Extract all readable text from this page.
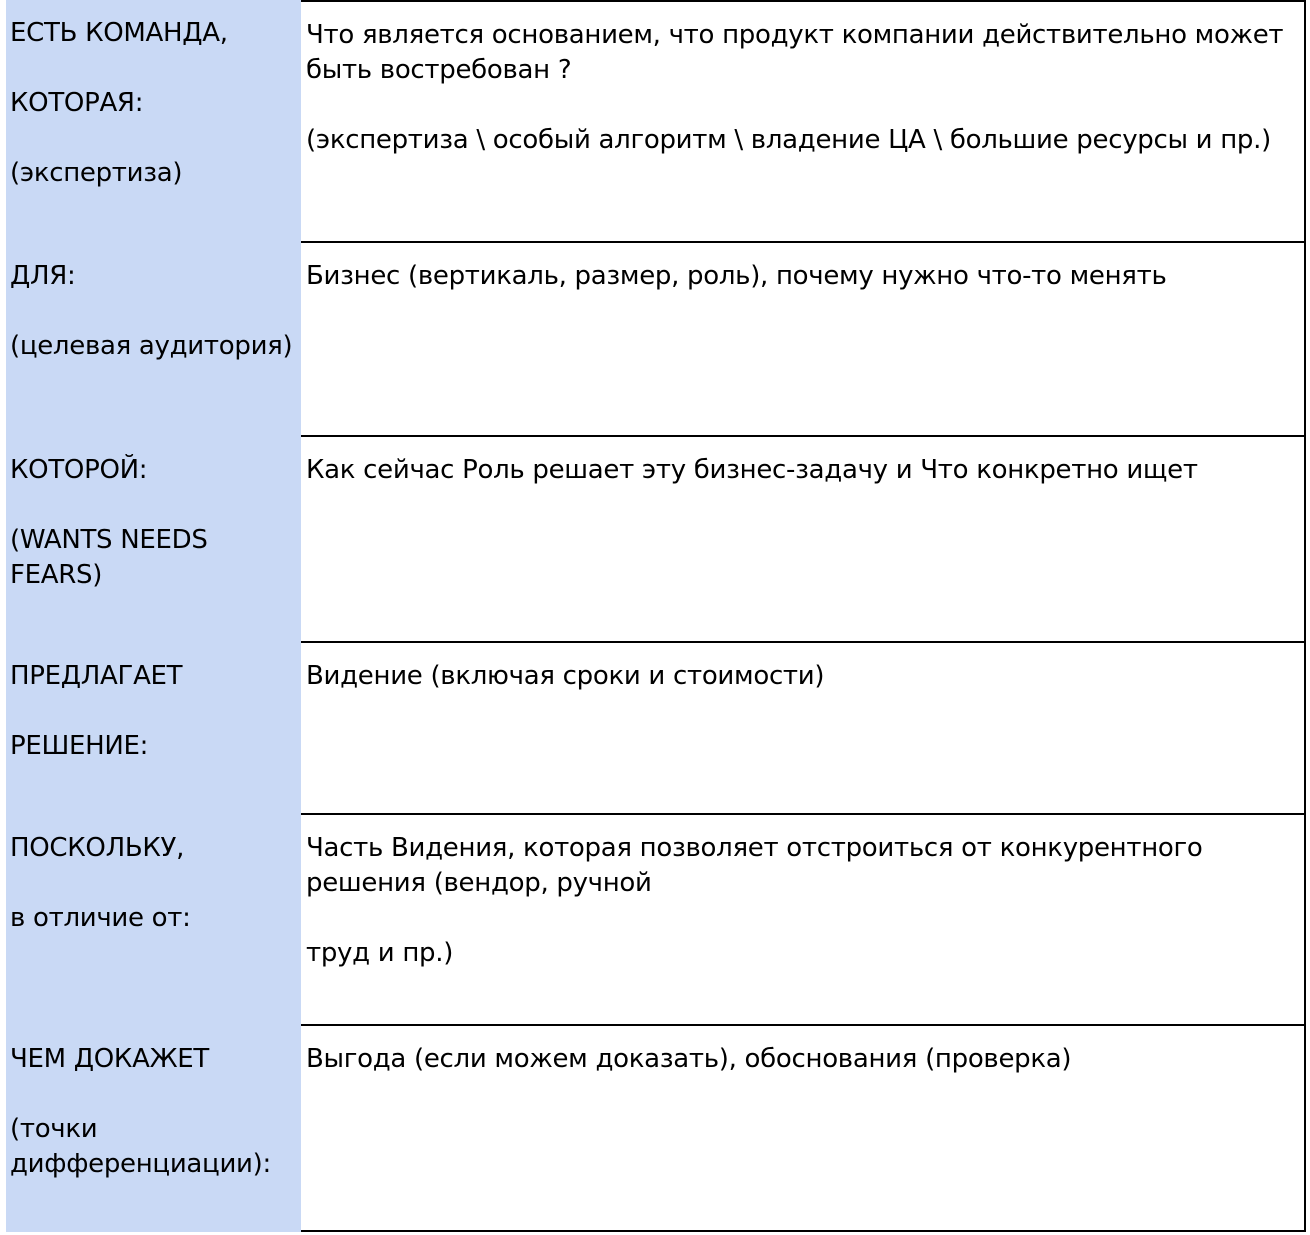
ЕСТЬ КОМАНДА,
КОТОРАЯ:
(экспертиза)
Что является основанием, что продукт компании действительно может
быть востребован ?
(экспертиза \ особый алгоритм \ владение ЦА \ большие ресурсы и пр.)
ДЛЯ:
(целевая аудитория)
Бизнес (вертикаль, размер, роль), почему нужно что-то менять
КОТОРОЙ:
(WANTS NEEDS
FEARS)
Как сейчас Роль решает эту бизнес-задачу и Что конкретно ищет
ПРЕДЛАГАЕТ
РЕШЕНИЕ:
Видение (включая сроки и стоимости)
ПОСКОЛЬКУ,
в отличие от:
Часть Видения, которая позволяет отстроиться от конкурентного
решения (вендор, ручной
труд и пр.)
ЧЕМ ДОКАЖЕТ
(точки
дифференциации):
Выгода (если можем доказать), обоснования (проверка)
